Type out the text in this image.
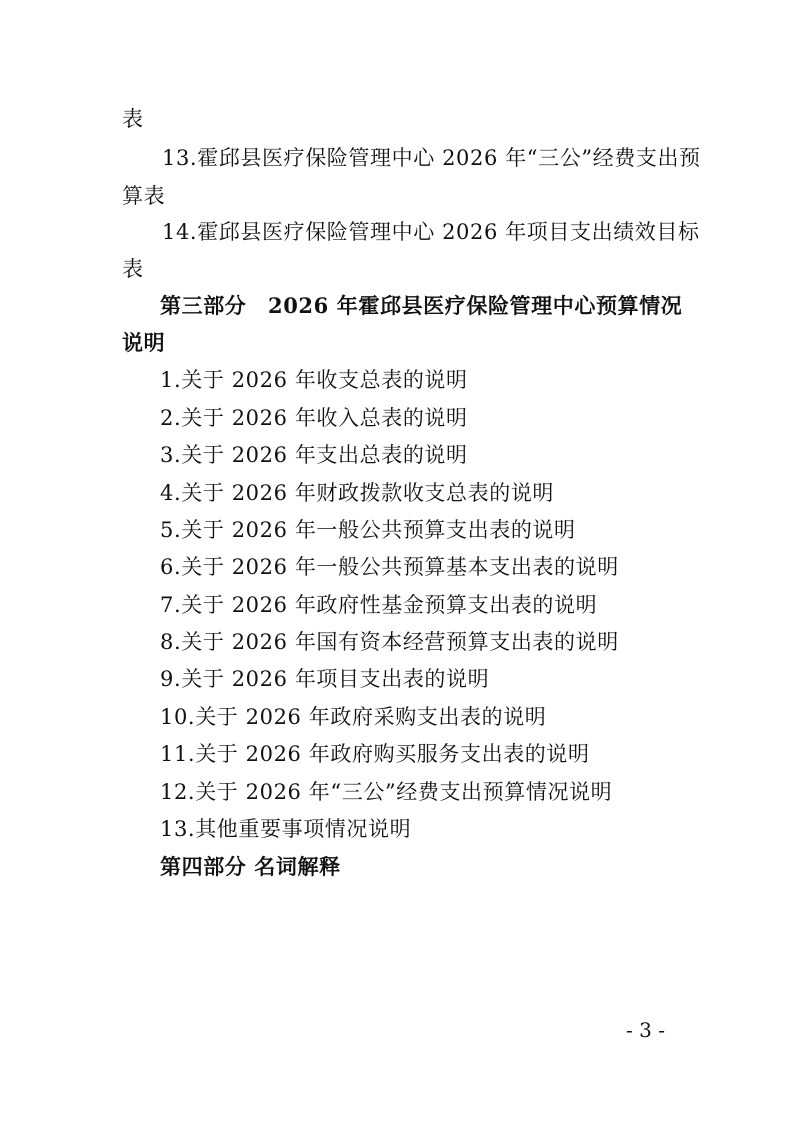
表
13.霍邱县医疗保险管理中心 2026 年“三公”经费支出预
算表
14.霍邱县医疗保险管理中心 2026 年项目支出绩效目标
表
第三部分　2026 年霍邱县医疗保险管理中心预算情况
说明
1.关于 2026 年收支总表的说明
2.关于 2026 年收入总表的说明
3.关于 2026 年支出总表的说明
4.关于 2026 年财政拨款收支总表的说明
5.关于 2026 年一般公共预算支出表的说明
6.关于 2026 年一般公共预算基本支出表的说明
7.关于 2026 年政府性基金预算支出表的说明
8.关于 2026 年国有资本经营预算支出表的说明
9.关于 2026 年项目支出表的说明
10.关于 2026 年政府采购支出表的说明
11.关于 2026 年政府购买服务支出表的说明
12.关于 2026 年“三公”经费支出预算情况说明
13.其他重要事项情况说明
第四部分 名词解释
- 3 -
